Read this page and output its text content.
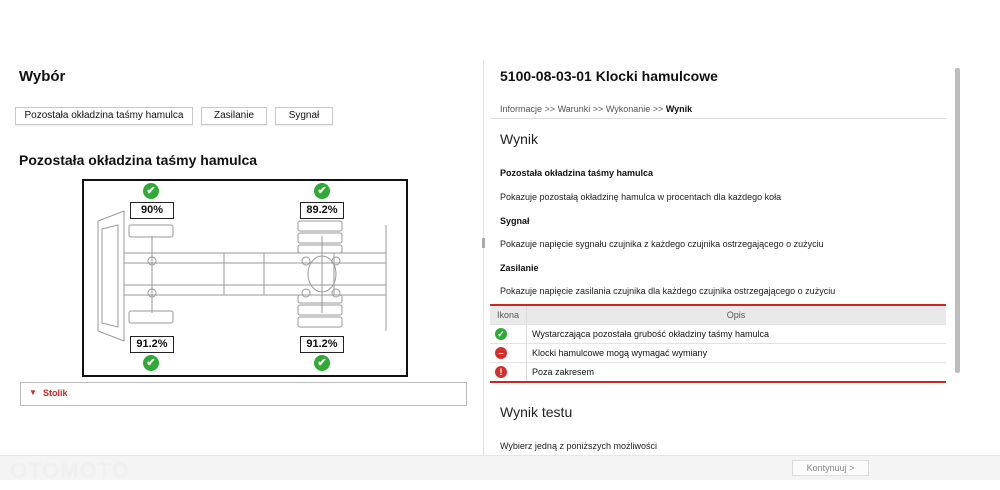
Wybór
Pozostała okładzina taśmy hamulca	Zasilanie	Sygnał
Pozostała okładzina taśmy hamulca
✔
90%
✔
89.2%
91.2%
✔
91.2%
✔
▼ Stolik
5100-08-03-01 Klocki hamulcowe
Informacje >> Warunki >> Wykonanie >> Wynik
Wynik
Pozostała okładzina taśmy hamulca
Pokazuje pozostałą okładzinę hamulca w procentach dla każdego koła
Sygnał
Pokazuje napięcie sygnału czujnika z każdego czujnika ostrzegającego o zużyciu
Zasilanie
Pokazuje napięcie zasilania czujnika dla każdego czujnika ostrzegającego o zużyciu
Ikona	Opis
✓	Wystarczająca pozostała grubość okładziny taśmy hamulca
–	Klocki hamulcowe mogą wymagać wymiany
!	Poza zakresem
Wynik testu
Wybierz jedną z poniższych możliwości
OTOMOTO	Kontynuuj >
